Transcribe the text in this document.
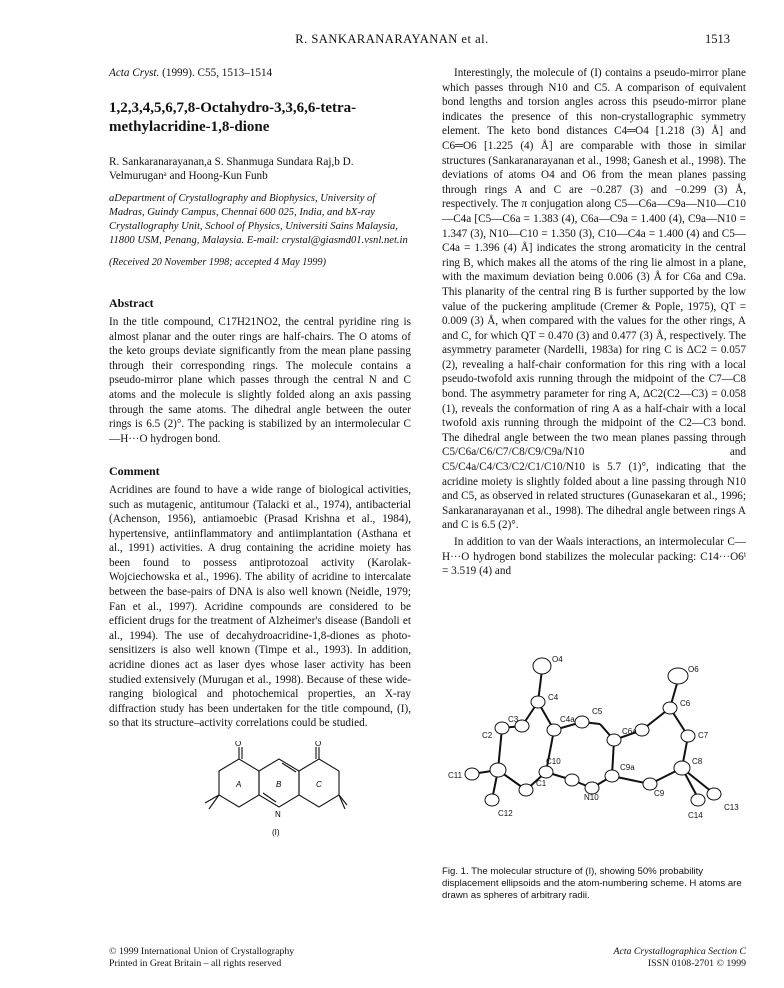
R. SANKARANARAYANAN et al.	1513
Acta Cryst. (1999). C55, 1513–1514
1,2,3,4,5,6,7,8-Octahydro-3,3,6,6-tetra-methylacridine-1,8-dione
R. Sankaranarayanan,a S. Shanmuga Sundara Raj,b D. Velmuruganᵃ and Hoong-Kun Funb
aDepartment of Crystallography and Biophysics, University of Madras, Guindy Campus, Chennai 600 025, India, and bX-ray Crystallography Unit, School of Physics, Universiti Sains Malaysia, 11800 USM, Penang, Malaysia. E-mail: crystal@giasmd01.vsnl.net.in
(Received 20 November 1998; accepted 4 May 1999)
Abstract

In the title compound, C17H21NO2, the central pyridine ring is almost planar and the outer rings are half-chairs. The O atoms of the keto groups deviate significantly from the mean plane passing through their corresponding rings. The molecule contains a pseudo-mirror plane which passes through the central N and C atoms and the molecule is slightly folded along an axis passing through the same atoms. The dihedral angle between the outer rings is 6.5 (2)°. The packing is stabilized by an intermolecular C—H···O hydrogen bond.

Comment

Acridines are found to have a wide range of biological activities, such as mutagenic, antitumour (Talacki et al., 1974), antibacterial (Achenson, 1956), antiamoebic (Prasad Krishna et al., 1984), hypertensive, antiinflammatory and antiimplantation (Asthana et al., 1991) activities. A drug containing the acridine moiety has been found to possess antiprotozoal activity (Karolak-Wojciechowska et al., 1996). The ability of acridine to intercalate between the base-pairs of DNA is also well known (Neidle, 1979; Fan et al., 1997). Acridine compounds are considered to be efficient drugs for the treatment of Alzheimer's disease (Bandoli et al., 1994). The use of decahydroacridine-1,8-diones as photo-sensitizers is also well known (Timpe et al., 1993). In addition, acridine diones act as laser dyes whose laser activity has been studied extensively (Murugan et al., 1998). Because of these wide-ranging biological and photochemical properties, an X-ray diffraction study has been undertaken for the title compound, (I), so that its structure–activity correlations could be studied.

O	O
A	B	C
N
(I)

Interestingly, the molecule of (I) contains a pseudo-mirror plane which passes through N10 and C5. A comparison of equivalent bond lengths and torsion angles across this pseudo-mirror plane indicates the presence of this non-crystallographic symmetry element. The keto bond distances C4═O4 [1.218 (3) Å] and C6═O6 [1.225 (4) Å] are comparable with those in similar structures (Sankaranarayanan et al., 1998; Ganesh et al., 1998). The deviations of atoms O4 and O6 from the mean planes passing through rings A and C are −0.287 (3) and −0.299 (3) Å, respectively. The π conjugation along C5—C6a—C9a—N10—C10—C4a [C5—C6a = 1.383 (4), C6a—C9a = 1.400 (4), C9a—N10 = 1.347 (3), N10—C10 = 1.350 (3), C10—C4a = 1.400 (4) and C5—C4a = 1.396 (4) Å] indicates the strong aromaticity in the central ring B, which makes all the atoms of the ring lie almost in a plane, with the maximum deviation being 0.006 (3) Å for C6a and C9a. This planarity of the central ring B is further supported by the low value of the puckering amplitude (Cremer & Pople, 1975), QT = 0.009 (3) Å, when compared with the values for the other rings, A and C, for which QT = 0.470 (3) and 0.477 (3) Å, respectively. The asymmetry parameter (Nardelli, 1983a) for ring C is ΔC2 = 0.057 (2), revealing a half-chair conformation for this ring with a local pseudo-twofold axis running through the midpoint of the C7—C8 bond. The asymmetry parameter for ring A, ΔC2(C2—C3) = 0.058 (1), reveals the conformation of ring A as a half-chair with a local twofold axis running through the midpoint of the C2—C3 bond. The dihedral angle between the two mean planes passing through C5/C6a/C6/C7/C8/C9/C9a/N10 and C5/C4a/C4/C3/C2/C1/C10/N10 is 5.7 (1)°, indicating that the acridine moiety is slightly folded about a line passing through N10 and C5, as observed in related structures (Gunasekaran et al., 1996; Sankaranarayanan et al., 1998). The dihedral angle between rings A and C is 6.5 (2)°.

In addition to van der Waals interactions, an intermolecular C—H···O hydrogen bond stabilizes the molecular packing: C14···O6ⁱ = 3.519 (4) and

O4
O6
C4
C5
C4a
C6a
C6
C3
C7
C2
C8
C10
C9a
C11
C1
N10	C9
C12	C14
C13
Fig. 1. The molecular structure of (I), showing 50% probability displacement ellipsoids and the atom-numbering scheme. H atoms are drawn as spheres of arbitrary radii.
© 1999 International Union of Crystallography
Printed in Great Britain – all rights reserved
Acta Crystallographica Section C
ISSN 0108-2701 © 1999
